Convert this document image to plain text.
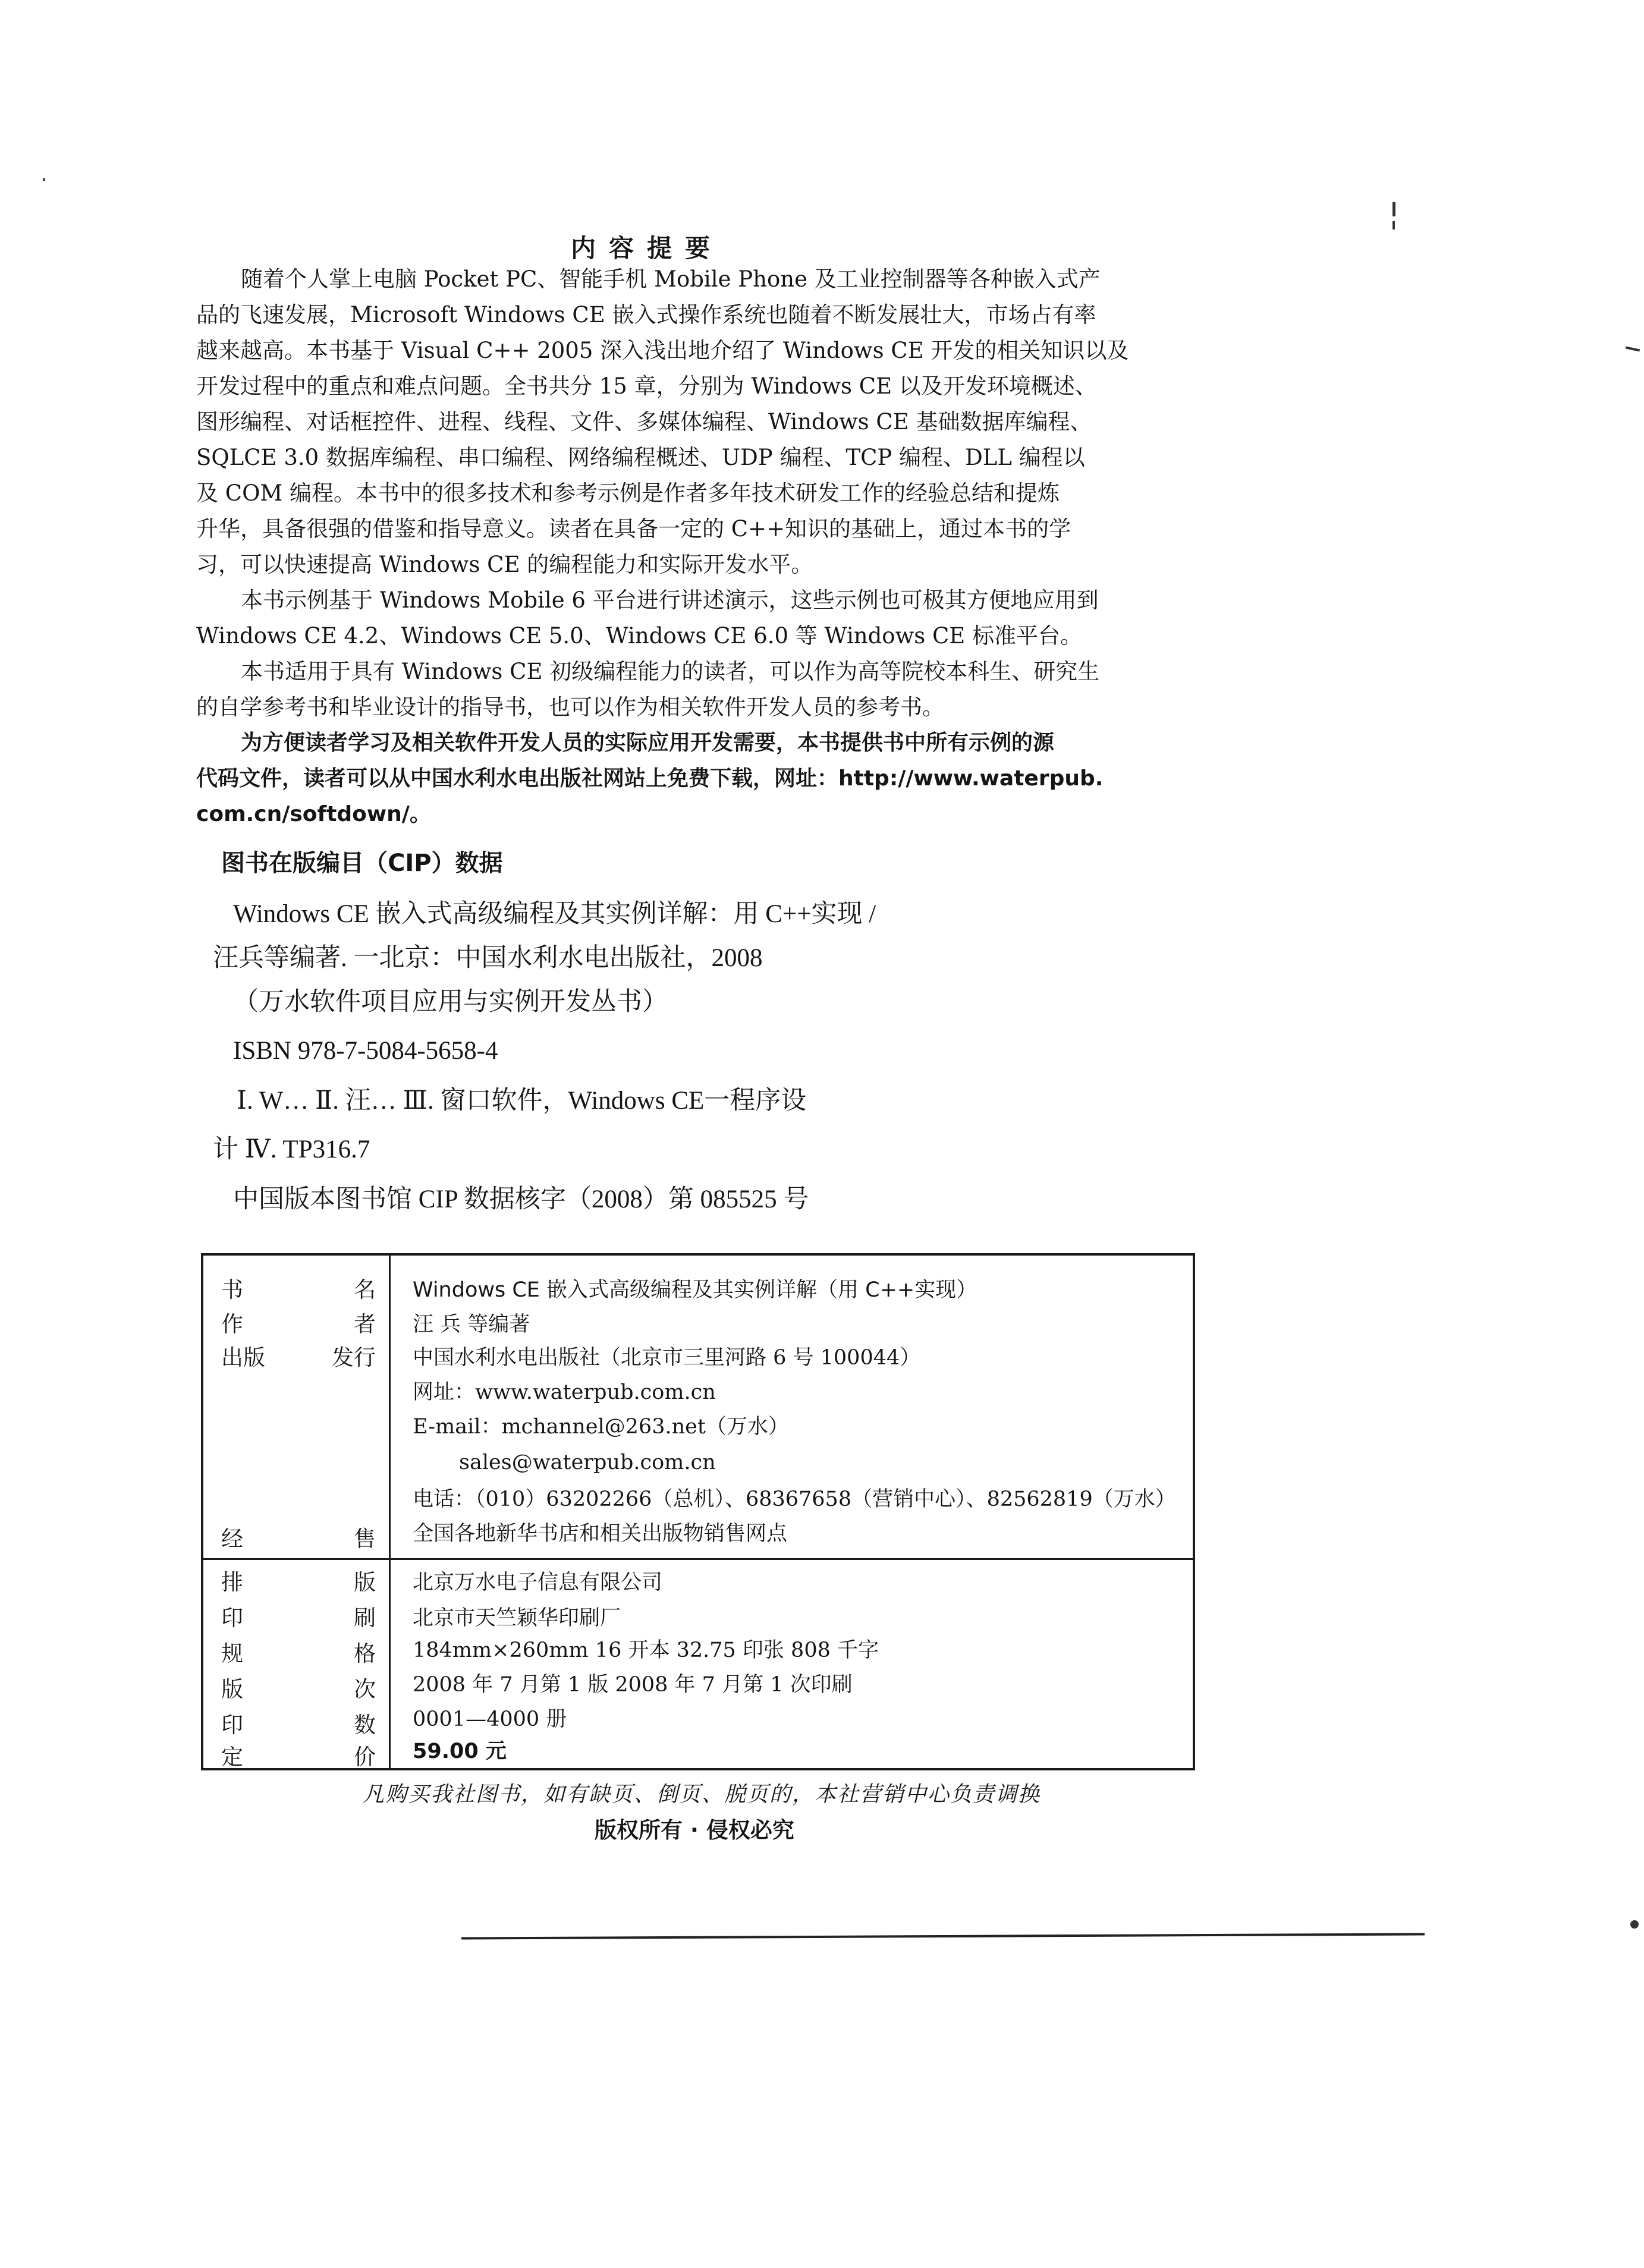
内容提要
随着个人掌上电脑 Pocket PC、智能手机 Mobile Phone 及工业控制器等各种嵌入式产
品的飞速发展，Microsoft Windows CE 嵌入式操作系统也随着不断发展壮大，市场占有率
越来越高。本书基于 Visual C++ 2005 深入浅出地介绍了 Windows CE 开发的相关知识以及
开发过程中的重点和难点问题。全书共分 15 章，分别为 Windows CE 以及开发环境概述、
图形编程、对话框控件、进程、线程、文件、多媒体编程、Windows CE 基础数据库编程、
SQLCE 3.0 数据库编程、串口编程、网络编程概述、UDP 编程、TCP 编程、DLL 编程以
及 COM 编程。本书中的很多技术和参考示例是作者多年技术研发工作的经验总结和提炼
升华，具备很强的借鉴和指导意义。读者在具备一定的 C++知识的基础上，通过本书的学
习，可以快速提高 Windows CE 的编程能力和实际开发水平。
本书示例基于 Windows Mobile 6 平台进行讲述演示，这些示例也可极其方便地应用到
Windows CE 4.2、Windows CE 5.0、Windows CE 6.0 等 Windows CE 标准平台。
本书适用于具有 Windows CE 初级编程能力的读者，可以作为高等院校本科生、研究生
的自学参考书和毕业设计的指导书，也可以作为相关软件开发人员的参考书。
为方便读者学习及相关软件开发人员的实际应用开发需要，本书提供书中所有示例的源
代码文件，读者可以从中国水利水电出版社网站上免费下载，网址：http://www.waterpub.
com.cn/softdown/。
图书在版编目（CIP）数据
Windows CE 嵌入式高级编程及其实例详解：用 C++实现 /
汪兵等编著. 一北京：中国水利水电出版社，2008
（万水软件项目应用与实例开发丛书）
ISBN 978-7-5084-5658-4
Ⅰ. W… Ⅱ. 汪… Ⅲ. 窗口软件，Windows CE一程序设
计 Ⅳ. TP316.7
中国版本图书馆 CIP 数据核字（2008）第 085525 号
书	名 Windows CE 嵌入式高级编程及其实例详解（用 C++实现）
作	者 汪 兵 等编著
出版	发行 中国水利水电出版社（北京市三里河路 6 号 100044）
网址：www.waterpub.com.cn
E-mail：mchannel@263.net（万水）
sales@waterpub.com.cn
电话：（010）63202266（总机）、68367658（营销中心）、82562819（万水）
经	售 全国各地新华书店和相关出版物销售网点
排	版 北京万水电子信息有限公司
印	刷 北京市天竺颖华印刷厂
规	格 184mm×260mm 16 开本 32.75 印张 808 千字
版	次 2008 年 7 月第 1 版 2008 年 7 月第 1 次印刷
印	数 0001—4000 册
定	价 59.00 元
凡购买我社图书，如有缺页、倒页、脱页的，本社营销中心负责调换
版权所有 · 侵权必究
